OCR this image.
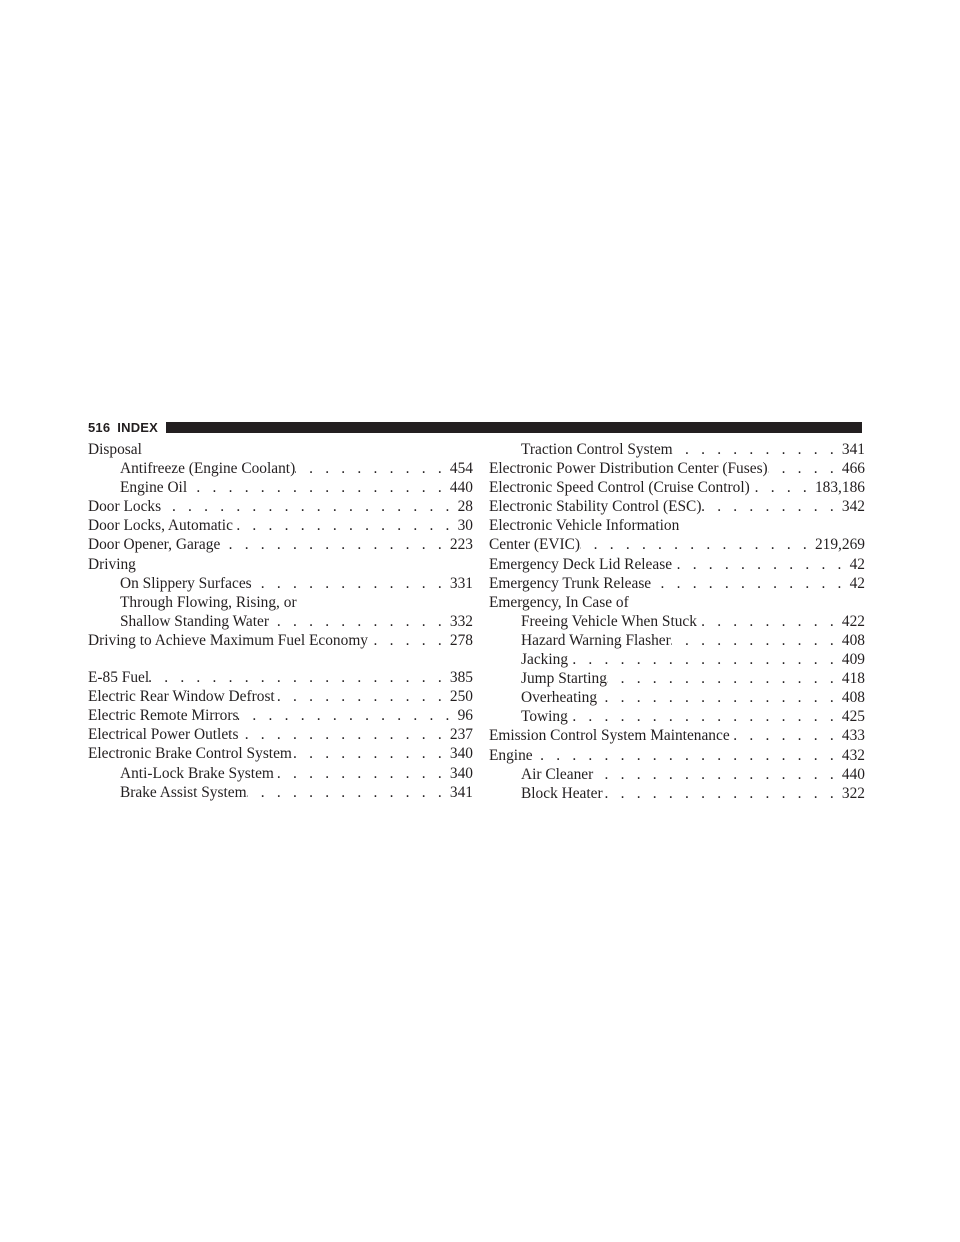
516 INDEX
Disposal
Antifreeze (Engine Coolant) . . .	454
Engine Oil . . .	440
Door Locks . . .	28
Door Locks, Automatic . . .	30
Door Opener, Garage . . .	223
Driving
On Slippery Surfaces . . .	331
Through Flowing, Rising, or
Shallow Standing Water . . .	332
Driving to Achieve Maximum Fuel Economy . . .	278
E-85 Fuel . . .	385
Electric Rear Window Defrost . . .	250
Electric Remote Mirrors . . .	96
Electrical Power Outlets . . .	237
Electronic Brake Control System . . .	340
Anti-Lock Brake System . . .	340
Brake Assist System . . .	341
Traction Control System . . .	341
Electronic Power Distribution Center (Fuses) . . .	466
Electronic Speed Control (Cruise Control) . . .	183,186
Electronic Stability Control (ESC) . . .	342
Electronic Vehicle Information
Center (EVIC) . . .	219,269
Emergency Deck Lid Release . . .	42
Emergency Trunk Release . . .	42
Emergency, In Case of
Freeing Vehicle When Stuck . . .	422
Hazard Warning Flasher . . .	408
Jacking . . .	409
Jump Starting . . .	418
Overheating . . .	408
Towing . . .	425
Emission Control System Maintenance . . .	433
Engine . . .	432
Air Cleaner . . .	440
Block Heater . . .	322
